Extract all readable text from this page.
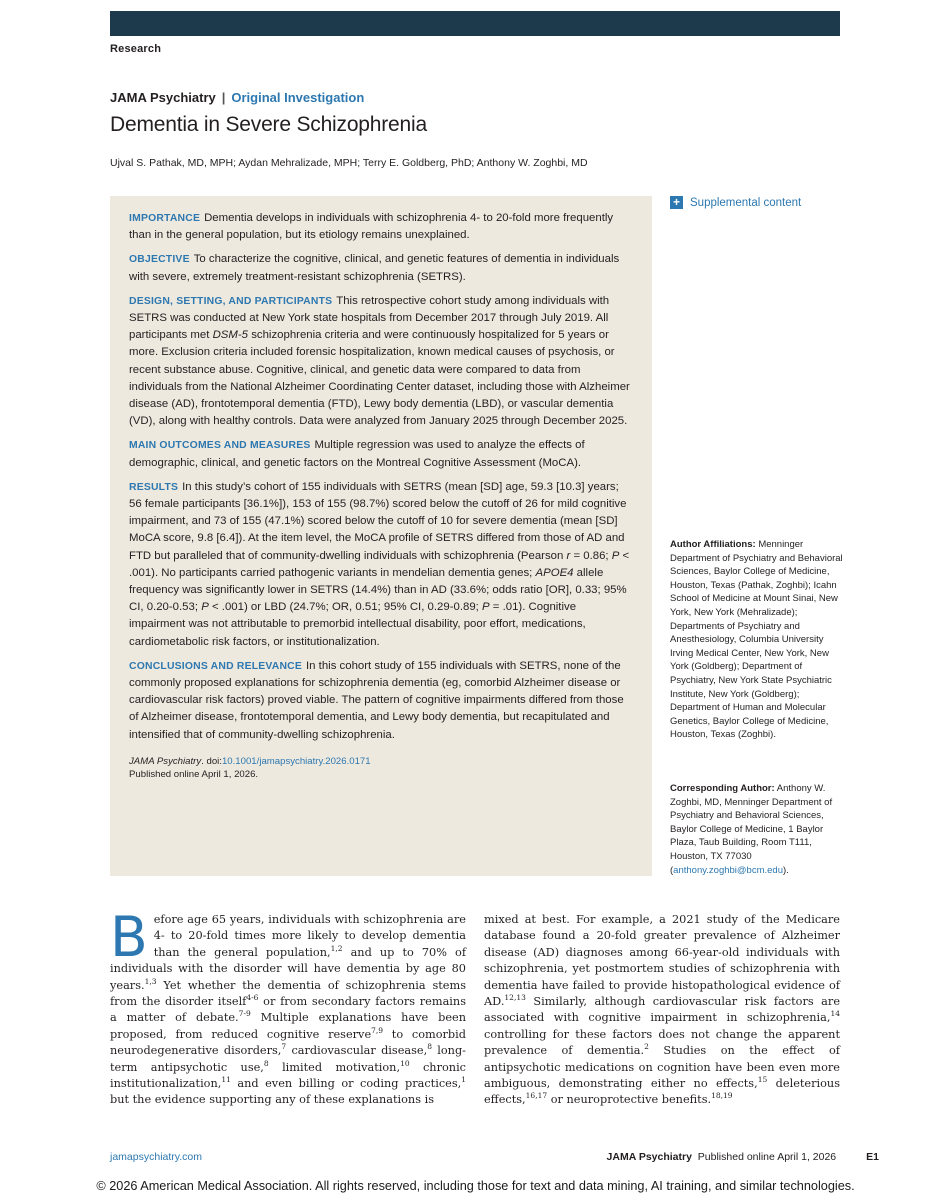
Research
JAMA Psychiatry | Original Investigation
Dementia in Severe Schizophrenia
Ujval S. Pathak, MD, MPH; Aydan Mehralizade, MPH; Terry E. Goldberg, PhD; Anthony W. Zoghbi, MD

IMPORTANCE Dementia develops in individuals with schizophrenia 4- to 20-fold more frequently than in the general population, but its etiology remains unexplained.

OBJECTIVE To characterize the cognitive, clinical, and genetic features of dementia in individuals with severe, extremely treatment-resistant schizophrenia (SETRS).

DESIGN, SETTING, AND PARTICIPANTS This retrospective cohort study among individuals with SETRS was conducted at New York state hospitals from December 2017 through July 2019. All participants met DSM-5 schizophrenia criteria and were continuously hospitalized for 5 years or more. Exclusion criteria included forensic hospitalization, known medical causes of psychosis, or recent substance abuse. Cognitive, clinical, and genetic data were compared to data from individuals from the National Alzheimer Coordinating Center dataset, including those with Alzheimer disease (AD), frontotemporal dementia (FTD), Lewy body dementia (LBD), or vascular dementia (VD), along with healthy controls. Data were analyzed from January 2025 through December 2025.

MAIN OUTCOMES AND MEASURES Multiple regression was used to analyze the effects of demographic, clinical, and genetic factors on the Montreal Cognitive Assessment (MoCA).

RESULTS In this study’s cohort of 155 individuals with SETRS (mean [SD] age, 59.3 [10.3] years; 56 female participants [36.1%]), 153 of 155 (98.7%) scored below the cutoff of 26 for mild cognitive impairment, and 73 of 155 (47.1%) scored below the cutoff of 10 for severe dementia (mean [SD] MoCA score, 9.8 [6.4]). At the item level, the MoCA profile of SETRS differed from those of AD and FTD but paralleled that of community-dwelling individuals with schizophrenia (Pearson r = 0.86; P < .001). No participants carried pathogenic variants in mendelian dementia genes; APOE4 allele frequency was significantly lower in SETRS (14.4%) than in AD (33.6%; odds ratio [OR], 0.33; 95% CI, 0.20-0.53; P < .001) or LBD (24.7%; OR, 0.51; 95% CI, 0.29-0.89; P = .01). Cognitive impairment was not attributable to premorbid intellectual disability, poor effort, medications, cardiometabolic risk factors, or institutionalization.

CONCLUSIONS AND RELEVANCE In this cohort study of 155 individuals with SETRS, none of the commonly proposed explanations for schizophrenia dementia (eg, comorbid Alzheimer disease or cardiovascular risk factors) proved viable. The pattern of cognitive impairments differed from those of Alzheimer disease, frontotemporal dementia, and Lewy body dementia, but recapitulated and intensified that of community-dwelling schizophrenia.

JAMA Psychiatry. doi:10.1001/jamapsychiatry.2026.0171
Published online April 1, 2026.
+ Supplemental content
Author Affiliations: Menninger Department of Psychiatry and Behavioral Sciences, Baylor College of Medicine, Houston, Texas (Pathak, Zoghbi); Icahn School of Medicine at Mount Sinai, New York, New York (Mehralizade); Departments of Psychiatry and Anesthesiology, Columbia University Irving Medical Center, New York, New York (Goldberg); Department of Psychiatry, New York State Psychiatric Institute, New York (Goldberg); Department of Human and Molecular Genetics, Baylor College of Medicine, Houston, Texas (Zoghbi).
Corresponding Author: Anthony W. Zoghbi, MD, Menninger Department of Psychiatry and Behavioral Sciences, Baylor College of Medicine, 1 Baylor Plaza, Taub Building, Room T111, Houston, TX 77030 (anthony.zoghbi@bcm.edu).
Before age 65 years, individuals with schizophrenia are 4- to 20-fold times more likely to develop dementia than the general population,$^{1,2}$ and up to 70% of individuals with the disorder will have dementia by age 80 years.$^{1,3}$ Yet whether the dementia of schizophrenia stems from the disorder itself$^{4-6}$ or from secondary factors remains a matter of debate.$^{7-9}$ Multiple explanations have been proposed, from reduced cognitive reserve$^{7,9}$ to comorbid neurodegenerative disorders,$^7$ cardiovascular disease,$^8$ long-term antipsychotic use,$^8$ limited motivation,$^{10}$ chronic institutionalization,$^{11}$ and even billing or coding practices,$^1$ but the evidence supporting any of these explanations is
mixed at best. For example, a 2021 study of the Medicare database found a 20-fold greater prevalence of Alzheimer disease (AD) diagnoses among 66-year-old individuals with schizophrenia, yet postmortem studies of schizophrenia with dementia have failed to provide histopathological evidence of AD.$^{12,13}$ Similarly, although cardiovascular risk factors are associated with cognitive impairment in schizophrenia,$^{14}$ controlling for these factors does not change the apparent prevalence of dementia.$^2$ Studies on the effect of antipsychotic medications on cognition have been even more ambiguous, demonstrating either no effects,$^{15}$ deleterious effects,$^{16,17}$ or neuroprotective benefits.$^{18,19}$
jamapsychiatry.com	JAMA Psychiatry Published online April 1, 2026	E1
© 2026 American Medical Association. All rights reserved, including those for text and data mining, AI training, and similar technologies.
